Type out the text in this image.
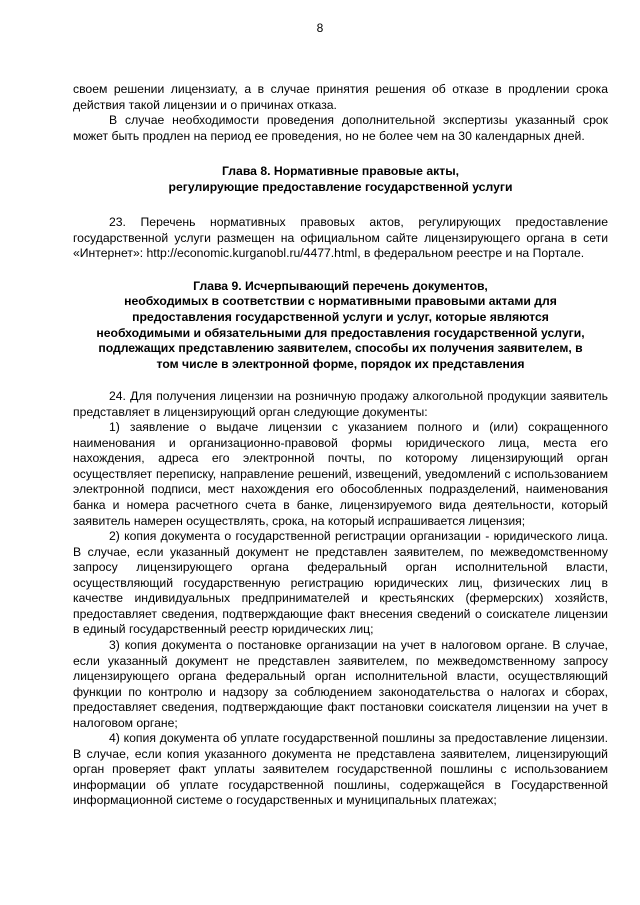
8

своем решении лицензиату, а в случае принятия решения об отказе в продлении срока действия такой лицензии и о причинах отказа.

В случае необходимости проведения дополнительной экспертизы указанный срок может быть продлен на период ее проведения, но не более чем на 30 календарных дней.

Глава 8. Нормативные правовые акты,
регулирующие предоставление государственной услуги

23. Перечень нормативных правовых актов, регулирующих предоставление государственной услуги размещен на официальном сайте лицензирующего органа в сети «Интернет»: http://economic.kurganobl.ru/4477.html, в федеральном реестре и на Портале.

Глава 9. Исчерпывающий перечень документов,
необходимых в соответствии с нормативными правовыми актами для
предоставления государственной услуги и услуг, которые являются
необходимыми и обязательными для предоставления государственной услуги,
подлежащих представлению заявителем, способы их получения заявителем, в
том числе в электронной форме, порядок их представления

24. Для получения лицензии на розничную продажу алкогольной продукции заявитель представляет в лицензирующий орган следующие документы:

1) заявление о выдаче лицензии с указанием полного и (или) сокращенного наименования и организационно-правовой формы юридического лица, места его нахождения, адреса его электронной почты, по которому лицензирующий орган осуществляет переписку, направление решений, извещений, уведомлений с использованием электронной подписи, мест нахождения его обособленных подразделений, наименования банка и номера расчетного счета в банке, лицензируемого вида деятельности, который заявитель намерен осуществлять, срока, на который испрашивается лицензия;

2) копия документа о государственной регистрации организации - юридического лица. В случае, если указанный документ не представлен заявителем, по межведомственному запросу лицензирующего органа федеральный орган исполнительной власти, осуществляющий государственную регистрацию юридических лиц, физических лиц в качестве индивидуальных предпринимателей и крестьянских (фермерских) хозяйств, предоставляет сведения, подтверждающие факт внесения сведений о соискателе лицензии в единый государственный реестр юридических лиц;

3) копия документа о постановке организации на учет в налоговом органе. В случае, если указанный документ не представлен заявителем, по межведомственному запросу лицензирующего органа федеральный орган исполнительной власти, осуществляющий функции по контролю и надзору за соблюдением законодательства о налогах и сборах, предоставляет сведения, подтверждающие факт постановки соискателя лицензии на учет в налоговом органе;

4) копия документа об уплате государственной пошлины за предоставление лицензии. В случае, если копия указанного документа не представлена заявителем, лицензирующий орган проверяет факт уплаты заявителем государственной пошлины с использованием информации об уплате государственной пошлины, содержащейся в Государственной информационной системе о государственных и муниципальных платежах;
